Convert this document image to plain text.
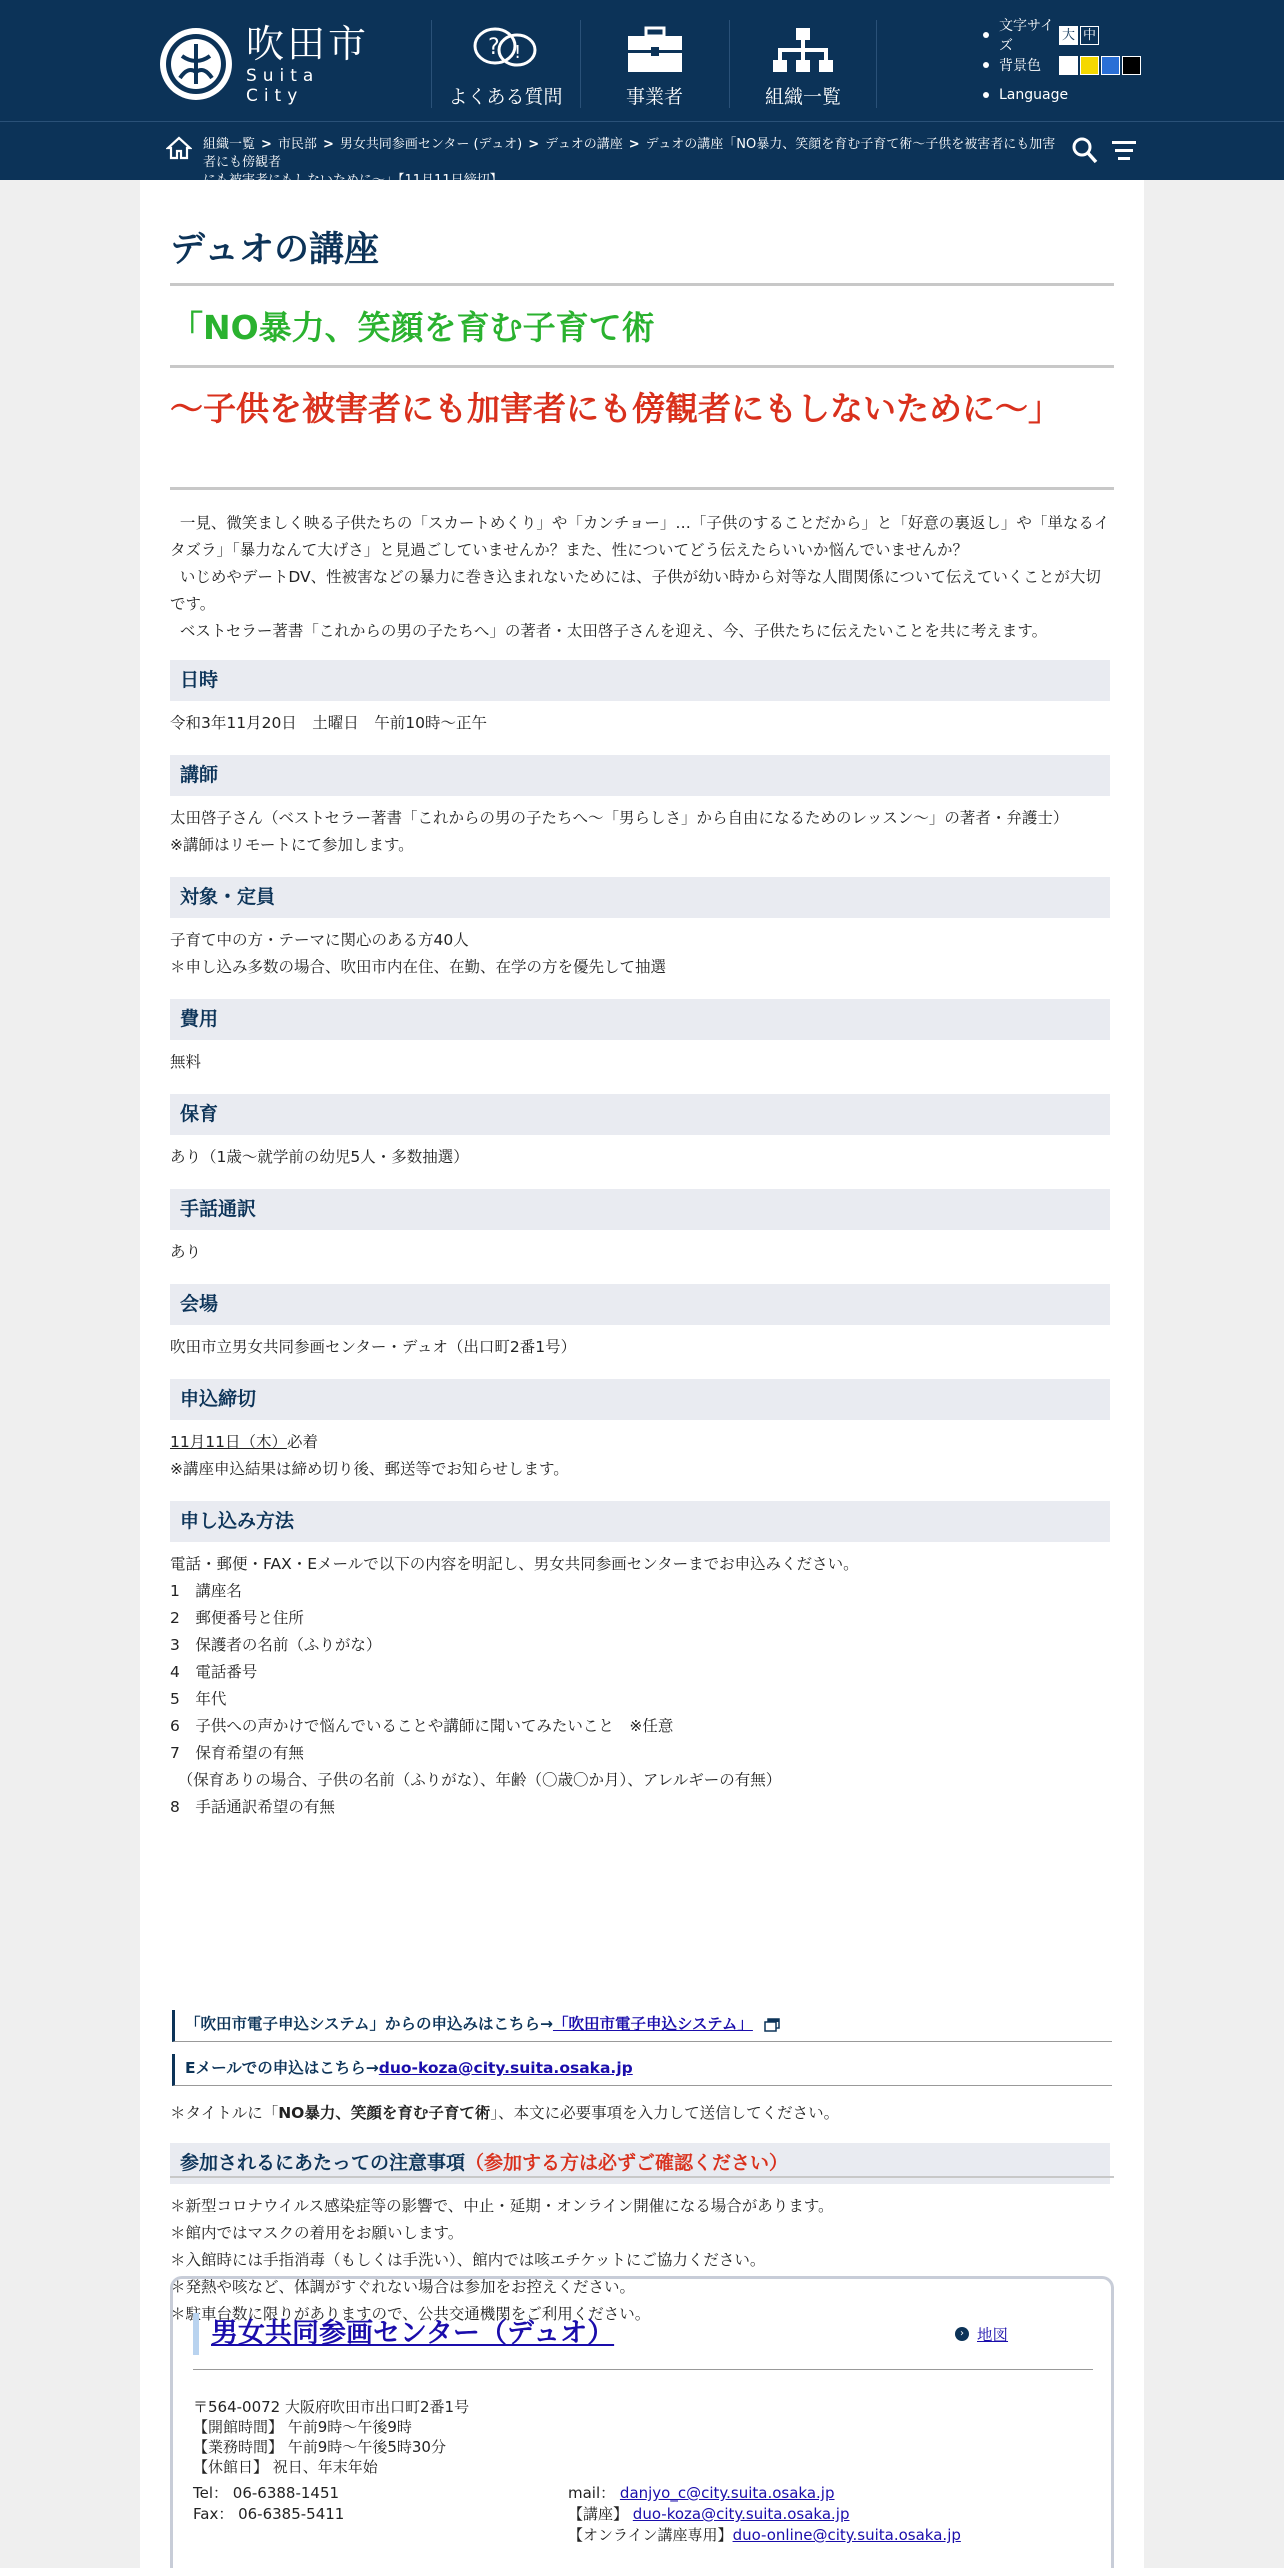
吹田市
Suita City
? !
よくある質問	事業者	組織一覧
文字サイズ
大 中
背景色
Language
組織一覧 > 市民部 > 男女共同参画センター (デュオ) > デュオの講座 > デュオの講座「NO暴力、笑顔を育む子育て術～子供を被害者にも加害者にも傍観者

デュオの講座
「NO暴力、笑顔を育む子育て術
～子供を被害者にも加害者にも傍観者にもしないために～」

一見、微笑ましく映る子供たちの「スカートめくり」や「カンチョー」…「子供のすることだから」と「好意の裏返し」や「単なるイタズラ」「暴力なんて大げさ」と見過ごしていませんか？また、性についてどう伝えたらいいか悩んでいませんか？

いじめやデートDV、性被害などの暴力に巻き込まれないためには、子供が幼い時から対等な人間関係について伝えていくことが大切です。

ベストセラー著書「これからの男の子たちへ」の著者・太田啓子さんを迎え、今、子供たちに伝えたいことを共に考えます。

日時
令和3年11月20日　土曜日　午前10時～正午
講師
太田啓子さん（ベストセラー著書「これからの男の子たちへ～「男らしさ」から自由になるためのレッスン～」の著者・弁護士）
※講師はリモートにて参加します。
対象・定員
子育て中の方・テーマに関心のある方40人
＊申し込み多数の場合、吹田市内在住、在勤、在学の方を優先して抽選
費用
無料
保育
あり（1歳～就学前の幼児5人・多数抽選）
手話通訳
あり
会場
吹田市立男女共同参画センター・デュオ（出口町2番1号）
申込締切
11月11日（木）必着
※講座申込結果は締め切り後、郵送等でお知らせします。
申し込み方法
電話・郵便・FAX・Eメールで以下の内容を明記し、男女共同参画センターまでお申込みください。
1　講座名
2　郵便番号と住所
3　保護者の名前（ふりがな）
4　電話番号
5　年代
6　子供への声かけで悩んでいることや講師に聞いてみたいこと　※任意
7　保育希望の有無
　（保育ありの場合、子供の名前（ふりがな）、年齢（〇歳〇か月）、アレルギーの有無）
8　手話通訳希望の有無
「吹田市電子申込システム」からの申込みはこちら→「吹田市電子申込システム」
Eメールでの申込はこちら→duo-koza@city.suita.osaka.jp
＊タイトルに「NO暴力、笑顔を育む子育て術」、本文に必要事項を入力して送信してください。
参加されるにあたっての注意事項（参加する方は必ずご確認ください）
＊新型コロナウイルス感染症等の影響で、中止・延期・オンライン開催になる場合があります。
＊館内ではマスクの着用をお願いします。
＊入館時には手指消毒（もしくは手洗い）、館内では咳エチケットにご協力ください。
＊発熱や咳など、体調がすぐれない場合は参加をお控えください。
＊駐車台数に限りがありますので、公共交通機関をご利用ください。
男女共同参画センター（デュオ）	› 地図
〒564-0072 大阪府吹田市出口町2番1号
【開館時間】 午前9時～午後9時
【業務時間】 午前9時～午後5時30分
【休館日】 祝日、年末年始
Tel： 06-6388-1451
Fax： 06-6385-5411
mail： danjyo_c@city.suita.osaka.jp
【講座】 duo-koza@city.suita.osaka.jp
【オンライン講座専用】duo-online@city.suita.osaka.jp
